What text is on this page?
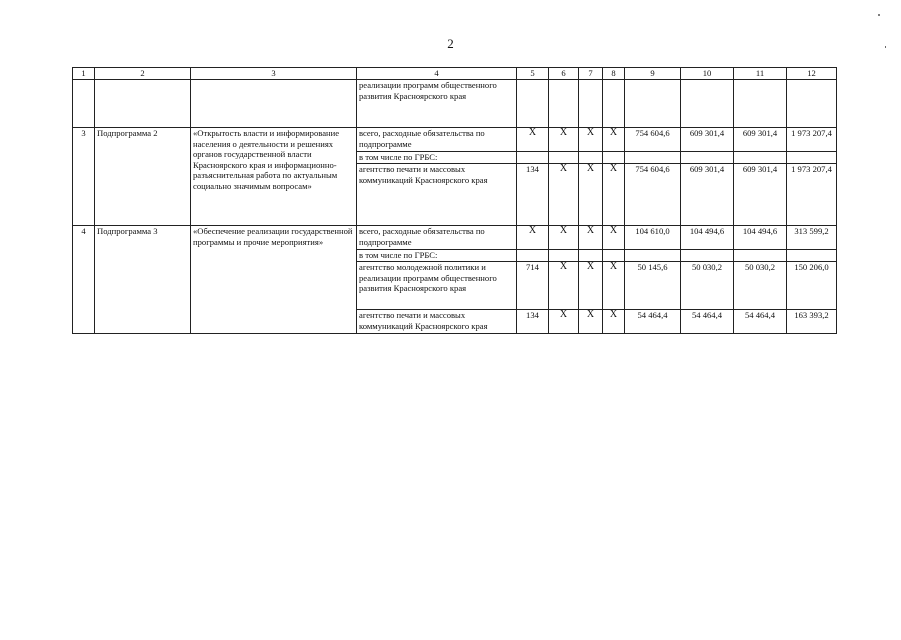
2
1	2	3	4	5	6	7	8	9	10	11	12
			реализации программ общественного развития Красноярского края								
3	Подпрограмма 2	«Открытость власти и информирование населения о деятельности и решениях органов государственной власти Красноярского края и информационно-разъяснительная работа по актуальным социально значимым вопросам»	всего, расходные обязательства по подпрограмме	X	X	X	X	754 604,6	609 301,4	609 301,4	1 973 207,4
			в том числе по ГРБС:								
			агентство печати и массовых коммуникаций Красноярского края	134	X	X	X	754 604,6	609 301,4	609 301,4	1 973 207,4
4	Подпрограмма 3	«Обеспечение реализации государственной программы и прочие мероприятия»	всего, расходные обязательства по подпрограмме	X	X	X	X	104 610,0	104 494,6	104 494,6	313 599,2
			в том числе по ГРБС:								
			агентство молодежной политики и реализации программ общественного развития Красноярского края	714	X	X	X	50 145,6	50 030,2	50 030,2	150 206,0
			агентство печати и массовых коммуникаций Красноярского края	134	X	X	X	54 464,4	54 464,4	54 464,4	163 393,2
